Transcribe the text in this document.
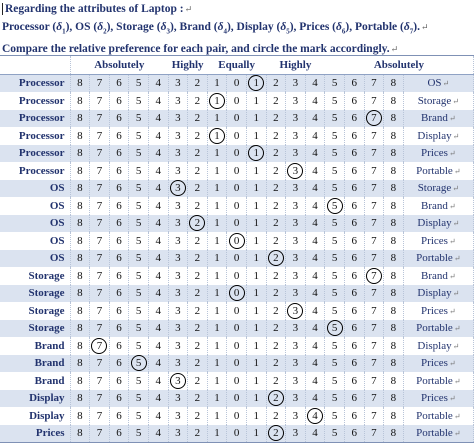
Regarding the attributes of Laptop :↵
Processor $(\delta_1)$, OS $(\delta_2)$, Storage $(\delta_3)$, Brand $(\delta_4)$, Display $(\delta_5)$, Prices $(\delta_6)$, Portable $(\delta_7).↵$
Compare the relative preference for each pair, and circle the mark accordingly.↵
	Absolutely					Highly		Equally			Highly			Absolutely				
Processor	8	7	6	5	4	3	2	1	0	1	2	3	4	5	6	7	8	OS↵
Processor	8	7	6	5	4	3	2	1	0	1	2	3	4	5	6	7	8	Storage↵
Processor	8	7	6	5	4	3	2	1	0	1	2	3	4	5	6	7	8	Brand↵
Processor	8	7	6	5	4	3	2	1	0	1	2	3	4	5	6	7	8	Display↵
Processor	8	7	6	5	4	3	2	1	0	1	2	3	4	5	6	7	8	Prices↵
Processor	8	7	6	5	4	3	2	1	0	1	2	3	4	5	6	7	8	Portable↵
OS	8	7	6	5	4	3	2	1	0	1	2	3	4	5	6	7	8	Storage↵
OS	8	7	6	5	4	3	2	1	0	1	2	3	4	5	6	7	8	Brand↵
OS	8	7	6	5	4	3	2	1	0	1	2	3	4	5	6	7	8	Display↵
OS	8	7	6	5	4	3	2	1	0	1	2	3	4	5	6	7	8	Prices↵
OS	8	7	6	5	4	3	2	1	0	1	2	3	4	5	6	7	8	Portable↵
Storage	8	7	6	5	4	3	2	1	0	1	2	3	4	5	6	7	8	Brand↵
Storage	8	7	6	5	4	3	2	1	0	1	2	3	4	5	6	7	8	Display↵
Storage	8	7	6	5	4	3	2	1	0	1	2	3	4	5	6	7	8	Prices↵
Storage	8	7	6	5	4	3	2	1	0	1	2	3	4	5	6	7	8	Portable↵
Brand	8	7	6	5	4	3	2	1	0	1	2	3	4	5	6	7	8	Display↵
Brand	8	7	6	5	4	3	2	1	0	1	2	3	4	5	6	7	8	Prices↵
Brand	8	7	6	5	4	3	2	1	0	1	2	3	4	5	6	7	8	Portable↵
Display	8	7	6	5	4	3	2	1	0	1	2	3	4	5	6	7	8	Prices↵
Display	8	7	6	5	4	3	2	1	0	1	2	3	4	5	6	7	8	Portable↵
Prices	8	7	6	5	4	3	2	1	0	1	2	3	4	5	6	7	8	Portable↵
